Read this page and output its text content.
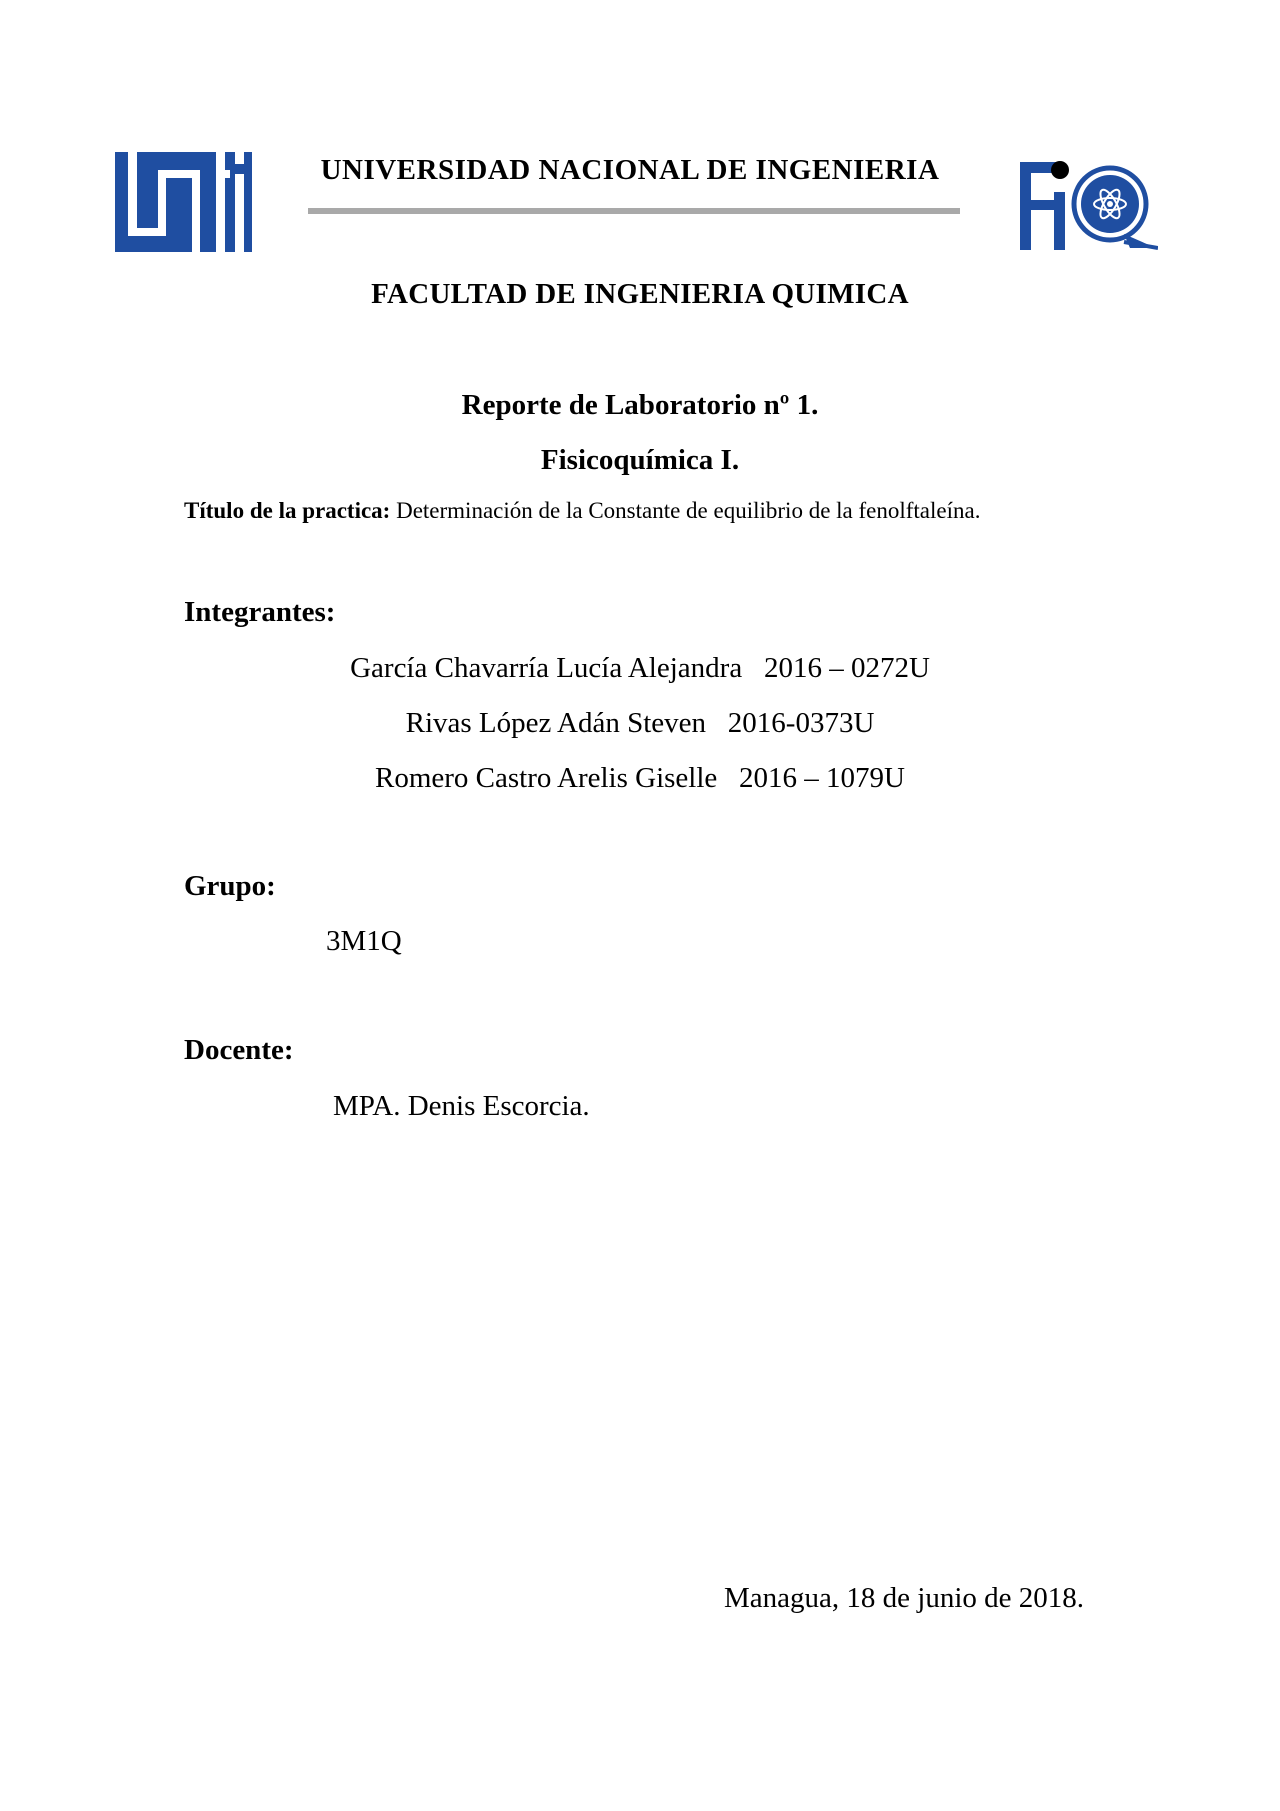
UNIVERSIDAD NACIONAL DE INGENIERIA
FACULTAD DE INGENIERIA QUIMICA
Reporte de Laboratorio nº 1.
Fisicoquímica I.
Título de la practica: Determinación de la Constante de equilibrio de la fenolftaleína.
Integrantes:
García Chavarría Lucía Alejandra 2016 – 0272U
Rivas López Adán Steven 2016-0373U
Romero Castro Arelis Giselle 2016 – 1079U
Grupo:
3M1Q
Docente:
MPA. Denis Escorcia.
Managua, 18 de junio de 2018.
